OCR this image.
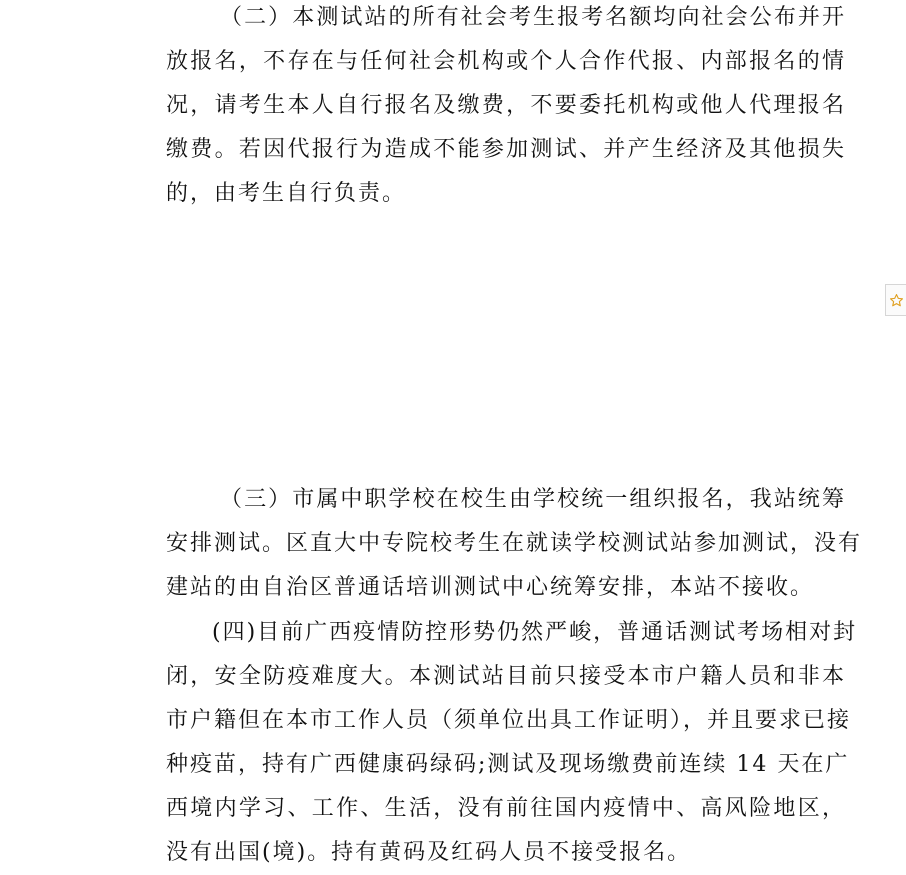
（二）本测试站的所有社会考生报考名额均向社会公布并开
放报名，不存在与任何社会机构或个人合作代报、内部报名的情
况，请考生本人自行报名及缴费，不要委托机构或他人代理报名
缴费。若因代报行为造成不能参加测试、并产生经济及其他损失
的，由考生自行负责。
（三）市属中职学校在校生由学校统一组织报名，我站统筹
安排测试。区直大中专院校考生在就读学校测试站参加测试，没有
建站的由自治区普通话培训测试中心统筹安排，本站不接收。
(四)目前广西疫情防控形势仍然严峻，普通话测试考场相对封
闭，安全防疫难度大。本测试站目前只接受本市户籍人员和非本
市户籍但在本市工作人员（须单位出具工作证明），并且要求已接
种疫苗，持有广西健康码绿码;测试及现场缴费前连续 14 天在广
西境内学习、工作、生活，没有前往国内疫情中、高风险地区，
没有出国(境)。持有黄码及红码人员不接受报名。
